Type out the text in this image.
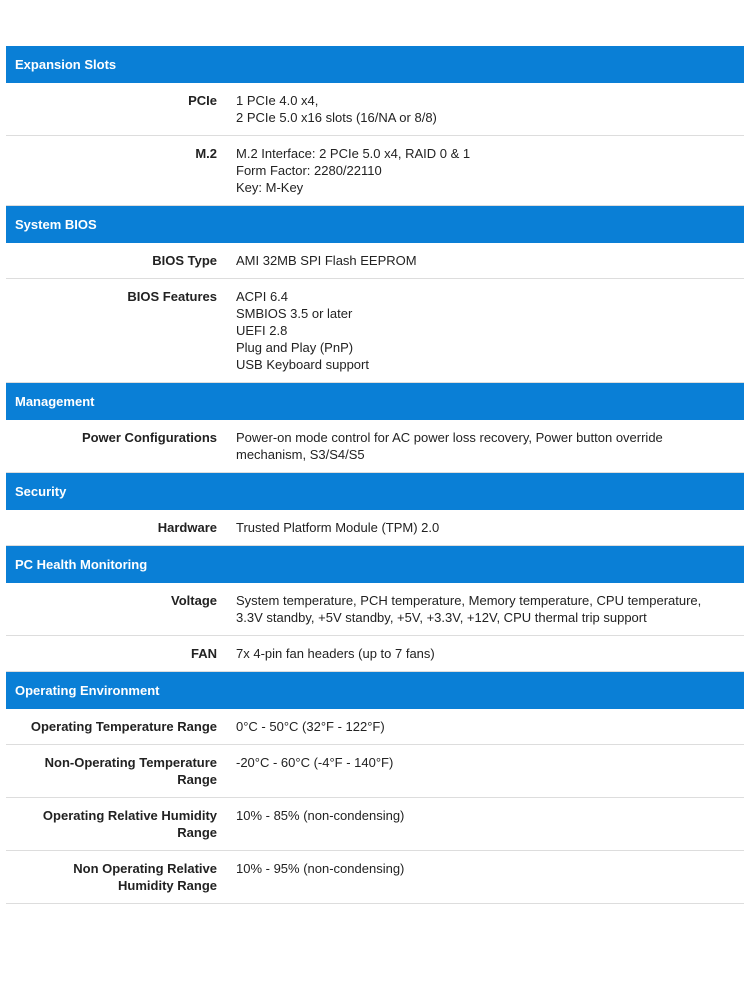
Expansion Slots
PCIe 1 PCIe 4.0 x4,
2 PCIe 5.0 x16 slots (16/NA or 8/8)
M.2 M.2 Interface: 2 PCIe 5.0 x4, RAID 0 & 1
Form Factor: 2280/22110
Key: M-Key
System BIOS
BIOS Type AMI 32MB SPI Flash EEPROM
BIOS Features ACPI 6.4
SMBIOS 3.5 or later
UEFI 2.8
Plug and Play (PnP)
USB Keyboard support
Management
Power Configurations Power-on mode control for AC power loss recovery, Power button override
mechanism, S3/S4/S5
Security
Hardware Trusted Platform Module (TPM) 2.0
PC Health Monitoring
Voltage System temperature, PCH temperature, Memory temperature, CPU temperature,
3.3V standby, +5V standby, +5V, +3.3V, +12V, CPU thermal trip support
FAN 7x 4-pin fan headers (up to 7 fans)
Operating Environment
Operating Temperature Range 0°C - 50°C (32°F - 122°F)
Non-Operating Temperature
Range
-20°C - 60°C (-4°F - 140°F)
Operating Relative Humidity
Range
10% - 85% (non-condensing)
Non Operating Relative
Humidity Range
10% - 95% (non-condensing)
